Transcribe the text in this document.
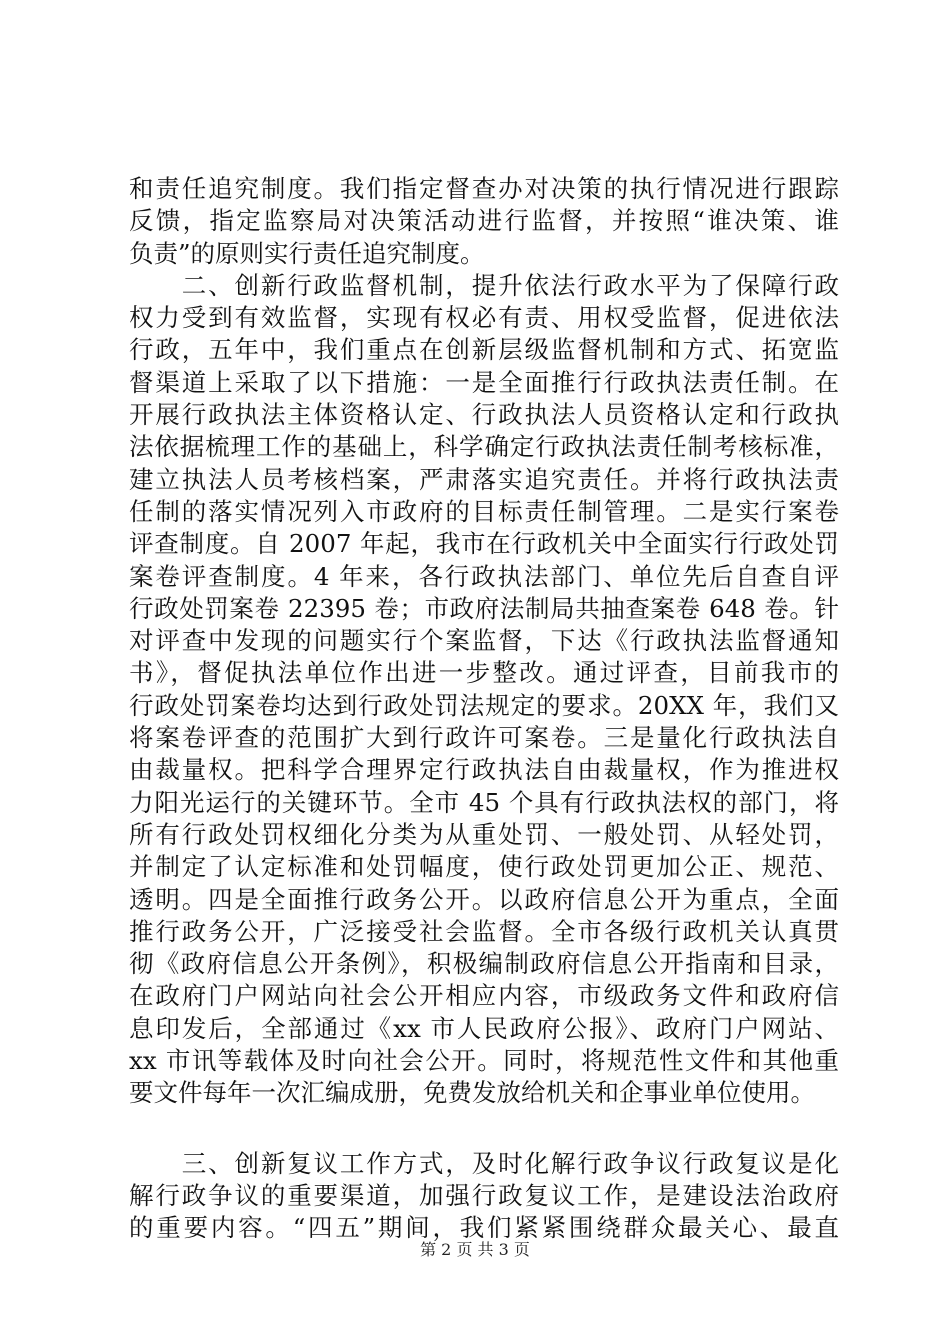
和责任追究制度。我们指定督查办对决策的执行情况进行跟踪
反馈，指定监察局对决策活动进行监督，并按照“谁决策、谁
负责”的原则实行责任追究制度。
　　二、创新行政监督机制，提升依法行政水平为了保障行政
权力受到有效监督，实现有权必有责、用权受监督，促进依法
行政，五年中，我们重点在创新层级监督机制和方式、拓宽监
督渠道上采取了以下措施：一是全面推行行政执法责任制。在
开展行政执法主体资格认定、行政执法人员资格认定和行政执
法依据梳理工作的基础上，科学确定行政执法责任制考核标准，
建立执法人员考核档案，严肃落实追究责任。并将行政执法责
任制的落实情况列入市政府的目标责任制管理。二是实行案卷
评查制度。自 2007 年起，我市在行政机关中全面实行行政处罚
案卷评查制度。4 年来，各行政执法部门、单位先后自查自评
行政处罚案卷 22395 卷；市政府法制局共抽查案卷 648 卷。针
对评查中发现的问题实行个案监督，下达《行政执法监督通知
书》，督促执法单位作出进一步整改。通过评查，目前我市的
行政处罚案卷均达到行政处罚法规定的要求。20XX 年，我们又
将案卷评查的范围扩大到行政许可案卷。三是量化行政执法自
由裁量权。把科学合理界定行政执法自由裁量权，作为推进权
力阳光运行的关键环节。全市 45 个具有行政执法权的部门，将
所有行政处罚权细化分类为从重处罚、一般处罚、从轻处罚，
并制定了认定标准和处罚幅度，使行政处罚更加公正、规范、
透明。四是全面推行政务公开。以政府信息公开为重点，全面
推行政务公开，广泛接受社会监督。全市各级行政机关认真贯
彻《政府信息公开条例》，积极编制政府信息公开指南和目录，
在政府门户网站向社会公开相应内容，市级政务文件和政府信
息印发后，全部通过《xx 市人民政府公报》、政府门户网站、
xx 市讯等载体及时向社会公开。同时，将规范性文件和其他重
要文件每年一次汇编成册，免费发放给机关和企事业单位使用。
　　三、创新复议工作方式，及时化解行政争议行政复议是化
解行政争议的重要渠道，加强行政复议工作，是建设法治政府
的重要内容。“四五”期间，我们紧紧围绕群众最关心、最直
第 2 页 共 3 页
